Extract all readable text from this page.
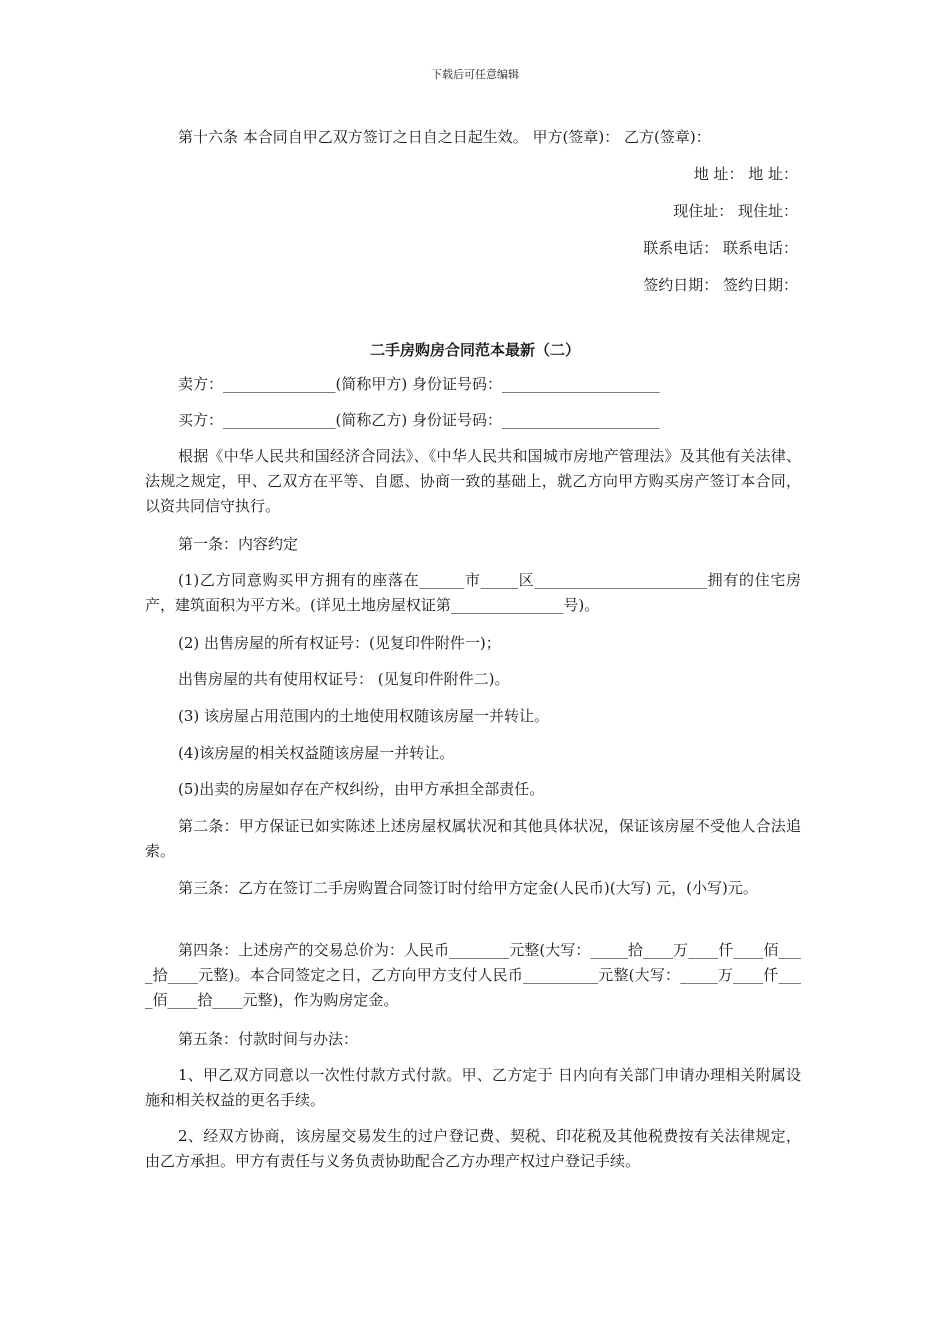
下载后可任意编辑
第十六条 本合同自甲乙双方签订之日自之日起生效。 甲方(签章)： 乙方(签章)：
地 址： 地 址：
现住址： 现住址：
联系电话： 联系电话：
签约日期： 签约日期：
二手房购房合同范本最新（二）
卖方：_______________(简称甲方) 身份证号码：_____________________
买方：_______________(简称乙方) 身份证号码：_____________________
根据《中华人民共和国经济合同法》、《中华人民共和国城市房地产管理法》及其他有关法律、法规之规定，甲、乙双方在平等、自愿、协商一致的基础上，就乙方向甲方购买房产签订本合同，以资共同信守执行。
第一条：内容约定
(1)乙方同意购买甲方拥有的座落在______市_____区_______________________拥有的住宅房产，建筑面积为平方米。(详见土地房屋权证第_______________号)。
(2) 出售房屋的所有权证号：(见复印件附件一)；
出售房屋的共有使用权证号： (见复印件附件二)。
(3) 该房屋占用范围内的土地使用权随该房屋一并转让。
(4)该房屋的相关权益随该房屋一并转让。
(5)出卖的房屋如存在产权纠纷，由甲方承担全部责任。
第二条：甲方保证已如实陈述上述房屋权属状况和其他具体状况，保证该房屋不受他人合法追索。
第三条：乙方在签订二手房购置合同签订时付给甲方定金(人民币)(大写) 元，(小写)元。
第四条：上述房产的交易总价为：人民币________元整(大写：_____拾____万____仟____佰____拾____元整)。本合同签定之日，乙方向甲方支付人民币__________元整(大写：_____万____仟____佰____拾____元整)，作为购房定金。
第五条：付款时间与办法：
1、甲乙双方同意以一次性付款方式付款。甲、乙方定于 日内向有关部门申请办理相关附属设施和相关权益的更名手续。
2、经双方协商，该房屋交易发生的过户登记费、契税、印花税及其他税费按有关法律规定，由乙方承担。甲方有责任与义务负责协助配合乙方办理产权过户登记手续。
